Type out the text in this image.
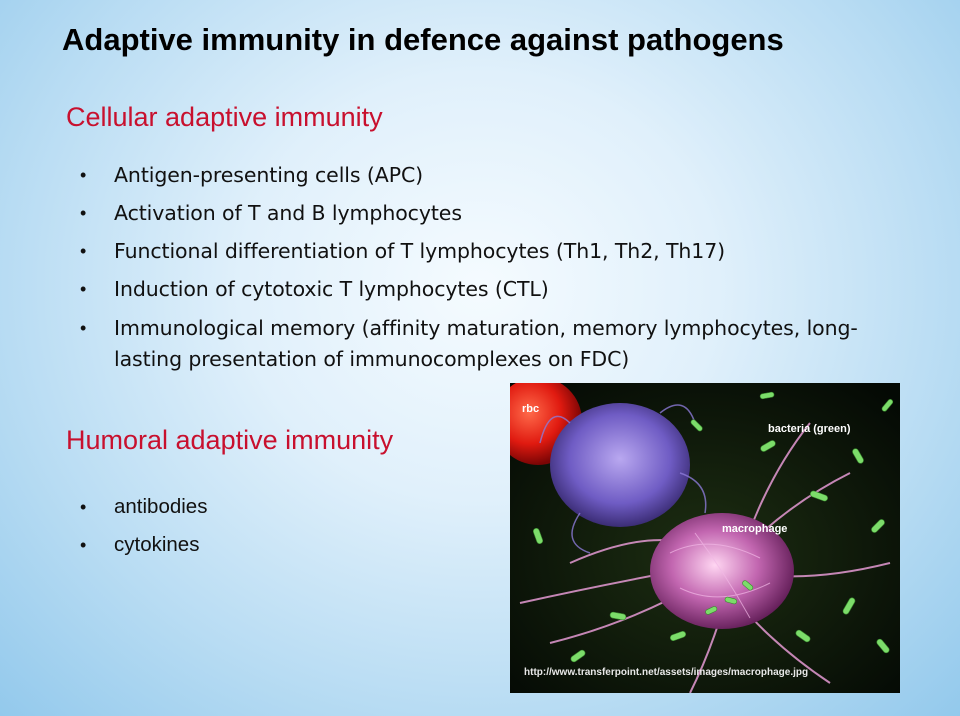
Adaptive immunity in defence against pathogens
Cellular adaptive immunity
• Antigen-presenting cells (APC)
• Activation of T and B lymphocytes
• Functional differentiation of T lymphocytes (Th1, Th2, Th17)
• Induction of cytotoxic T lymphocytes (CTL)
• Immunological memory (affinity maturation, memory lymphocytes, long-lasting presentation of immunocomplexes on FDC)
Humoral adaptive immunity
• antibodies
• cytokines
rbc
bacteria (green)
macrophage
http://www.transferpoint.net/assets/images/macrophage.jpg
